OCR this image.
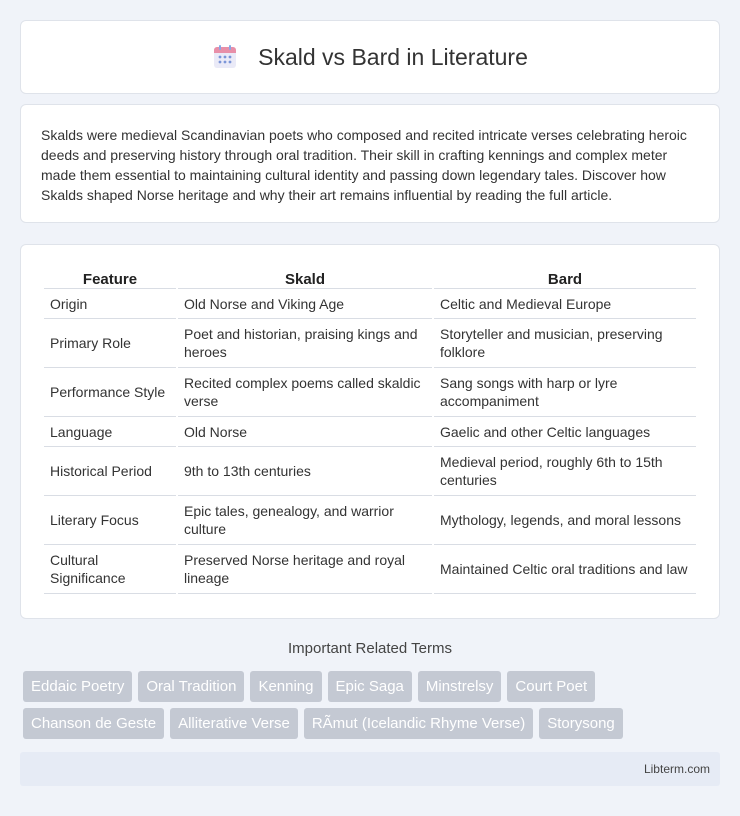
Skald vs Bard in Literature

Skalds were medieval Scandinavian poets who composed and recited intricate verses celebrating heroic deeds and preserving history through oral tradition. Their skill in crafting kennings and complex meter made them essential to maintaining cultural identity and passing down legendary tales. Discover how Skalds shaped Norse heritage and why their art remains influential by reading the full article.

Feature	Skald	Bard
Origin	Old Norse and Viking Age	Celtic and Medieval Europe
Primary Role	Poet and historian, praising kings and heroes	Storyteller and musician, preserving folklore
Performance Style	Recited complex poems called skaldic verse	Sang songs with harp or lyre accompaniment
Language	Old Norse	Gaelic and other Celtic languages
Historical Period	9th to 13th centuries	Medieval period, roughly 6th to 15th centuries
Literary Focus	Epic tales, genealogy, and warrior culture	Mythology, legends, and moral lessons
Cultural Significance	Preserved Norse heritage and royal lineage	Maintained Celtic oral traditions and law
Important Related Terms
Eddaic Poetry	Oral Tradition	Kenning	Epic Saga	Minstrelsy	Court Poet
Chanson de Geste	Alliterative Verse	RÃmut (Icelandic Rhyme Verse)	Storysong
Libterm.com
